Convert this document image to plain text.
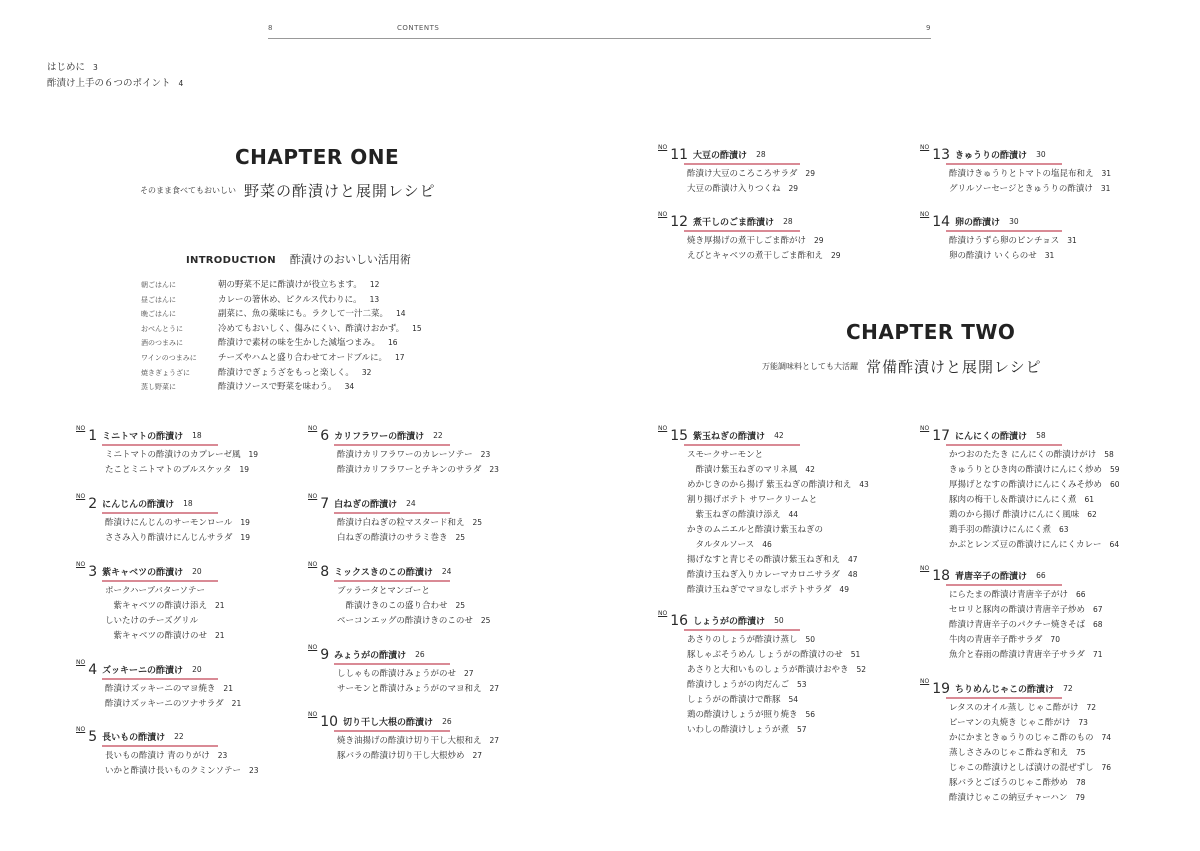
8	CONTENTS	9
はじめに 3
酢漬け上手の６つのポイント 4
CHAPTER ONE
そのまま食べてもおいしい 野菜の酢漬けと展開レシピ
INTRODUCTION 酢漬けのおいしい活用術
朝ごはんに	朝の野菜不足に酢漬けが役立ちます。 12
昼ごはんに	カレーの箸休め、ピクルス代わりに。 13
晩ごはんに	副菜に、魚の薬味にも。ラクして一汁二菜。 14
おべんとうに	冷めてもおいしく、傷みにくい、酢漬けおかず。 15
酒のつまみに	酢漬けで素材の味を生かした減塩つまみ。 16
ワインのつまみに チーズやハムと盛り合わせてオードブルに。 17
焼きぎょうざに	酢漬けでぎょうざをもっと楽しく。 32
蒸し野菜に	酢漬けソースで野菜を味わう。 34
CHAPTER TWO
万能調味料としても大活躍 常備酢漬けと展開レシピ
$^{NO}$ 1 ミニトマトの酢漬け 18
ミニトマトの酢漬けのカプレーゼ風 19
たことミニトマトのブルスケッタ 19
$^{NO}$ 2 にんじんの酢漬け 18
酢漬けにんじんのサーモンロール 19
ささみ入り酢漬けにんじんサラダ 19
$^{NO}$ 3 紫キャベツの酢漬け 20
ポークハーブバターソテー
　紫キャベツの酢漬け添え 21
しいたけのチーズグリル
　紫キャベツの酢漬けのせ 21
$^{NO}$ 4 ズッキーニの酢漬け 20
酢漬けズッキーニのマヨ焼き 21
酢漬けズッキーニのツナサラダ 21
$^{NO}$ 5 長いもの酢漬け 22
長いもの酢漬け 青のりがけ 23
いかと酢漬け長いものクミンソテー 23
$^{NO}$ 6 カリフラワーの酢漬け 22
酢漬けカリフラワーのカレーソテー 23
酢漬けカリフラワーとチキンのサラダ 23
$^{NO}$ 7 白ねぎの酢漬け 24
酢漬け白ねぎの粒マスタード和え 25
白ねぎの酢漬けのサラミ巻き 25
$^{NO}$ 8 ミックスきのこの酢漬け 24
ブッラータとマンゴーと
　酢漬けきのこの盛り合わせ 25
ベーコンエッグの酢漬けきのこのせ 25
$^{NO}$ 9 みょうがの酢漬け 26
ししゃもの酢漬けみょうがのせ 27
サーモンと酢漬けみょうがのマヨ和え 27
$^{NO}$ 10 切り干し大根の酢漬け 26
焼き油揚げの酢漬け切り干し大根和え 27
豚バラの酢漬け切り干し大根炒め 27
$^{NO}$ 11 大豆の酢漬け 28
酢漬け大豆のころころサラダ 29
大豆の酢漬け入りつくね 29
$^{NO}$ 12 煮干しのごま酢漬け 28
焼き厚揚げの煮干しごま酢がけ 29
えびとキャベツの煮干しごま酢和え 29
$^{NO}$ 13 きゅうりの酢漬け 30
酢漬けきゅうりとトマトの塩昆布和え 31
グリルソーセージときゅうりの酢漬け 31
$^{NO}$ 14 卵の酢漬け 30
酢漬けうずら卵のピンチョス 31
卵の酢漬け いくらのせ 31
$^{NO}$ 15 紫玉ねぎの酢漬け 42
スモークサーモンと
　酢漬け紫玉ねぎのマリネ風 42
めかじきのから揚げ 紫玉ねぎの酢漬け和え 43
割り揚げポテト サワークリームと
　紫玉ねぎの酢漬け添え 44
かきのムニエルと酢漬け紫玉ねぎの
　タルタルソース 46
揚げなすと青じその酢漬け紫玉ねぎ和え 47
酢漬け玉ねぎ入りカレーマカロニサラダ 48
酢漬け玉ねぎでマヨなしポテトサラダ 49
$^{NO}$ 16 しょうがの酢漬け 50
あさりのしょうが酢漬け蒸し 50
豚しゃぶそうめん しょうがの酢漬けのせ 51
あさりと大和いものしょうが酢漬けおやき 52
酢漬けしょうがの肉だんご 53
しょうがの酢漬けで酢豚 54
鶏の酢漬けしょうが照り焼き 56
いわしの酢漬けしょうが煮 57
$^{NO}$ 17 にんにくの酢漬け 58
かつおのたたき にんにくの酢漬けがけ 58
きゅうりとひき肉の酢漬けにんにく炒め 59
厚揚げとなすの酢漬けにんにくみそ炒め 60
豚肉の梅干し＆酢漬けにんにく煮 61
鶏のから揚げ 酢漬けにんにく風味 62
鶏手羽の酢漬けにんにく煮 63
かぶとレンズ豆の酢漬けにんにくカレー 64
$^{NO}$ 18 青唐辛子の酢漬け 66
にらたまの酢漬け青唐辛子がけ 66
セロリと豚肉の酢漬け青唐辛子炒め 67
酢漬け青唐辛子のパクチー焼きそば 68
牛肉の青唐辛子酢サラダ 70
魚介と春雨の酢漬け青唐辛子サラダ 71
$^{NO}$ 19 ちりめんじゃこの酢漬け 72
レタスのオイル蒸し じゃこ酢がけ 72
ピーマンの丸焼き じゃこ酢がけ 73
かにかまときゅうりのじゃこ酢のもの 74
蒸しささみのじゃこ酢ねぎ和え 75
じゃこの酢漬けとしば漬けの混ぜずし 76
豚バラとごぼうのじゃこ酢炒め 78
酢漬けじゃこの納豆チャーハン 79
